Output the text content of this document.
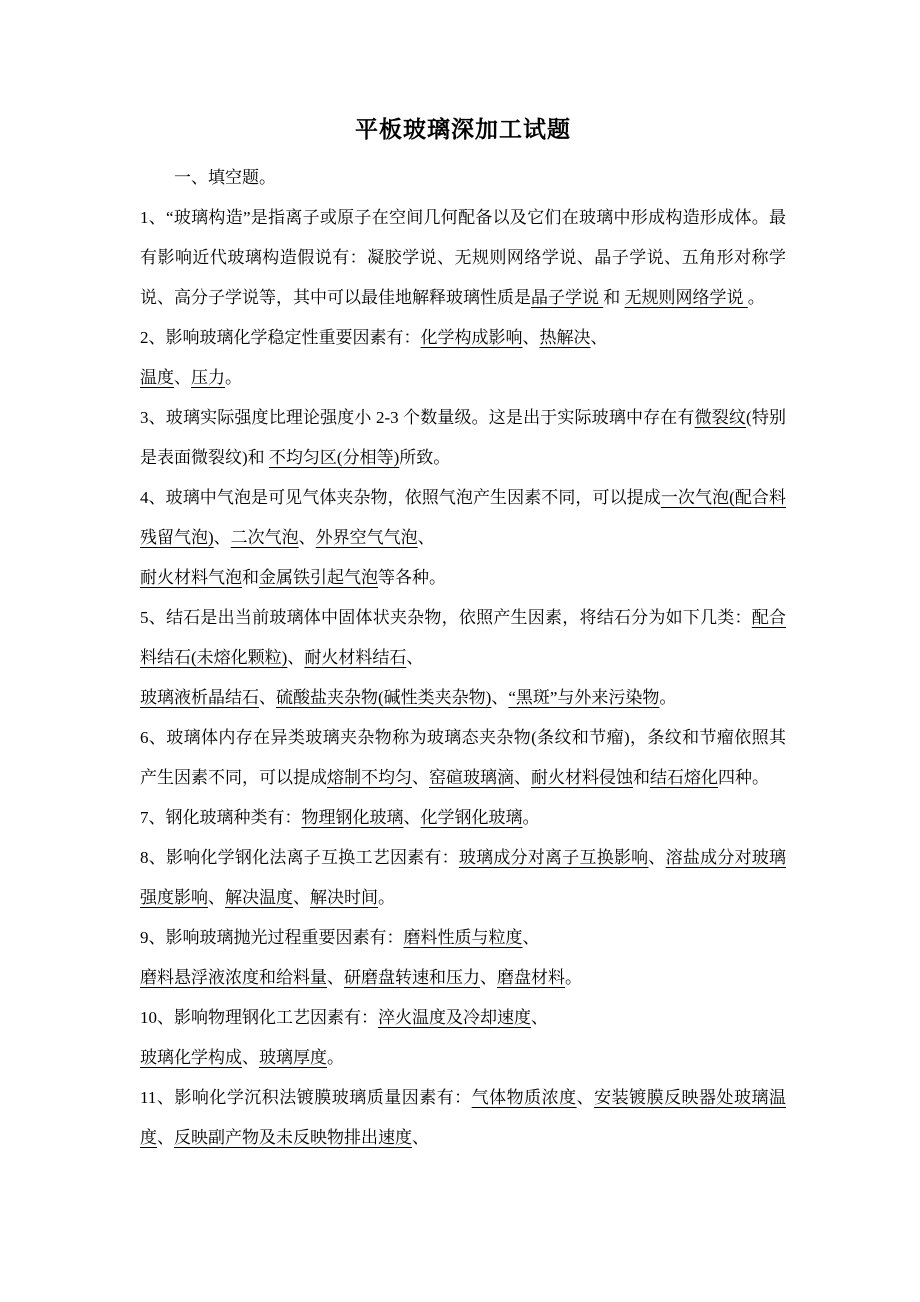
平板玻璃深加工试题

一、填空题。

1、“玻璃构造”是指离子或原子在空间几何配备以及它们在玻璃中形成构造形成体。最有影响近代玻璃构造假说有：凝胶学说、无规则网络学说、晶子学说、五角形对称学说、高分子学说等，其中可以最佳地解释玻璃性质是晶子学说 和 无规则网络学说 。

2、影响玻璃化学稳定性重要因素有：化学构成影响、热解决、
温度、压力。

3、玻璃实际强度比理论强度小 2-3 个数量级。这是出于实际玻璃中存在有微裂纹(特别是表面微裂纹)和 不均匀区(分相等)所致。

4、玻璃中气泡是可见气体夹杂物，依照气泡产生因素不同，可以提成一次气泡(配合料残留气泡)、二次气泡、外界空气气泡、
耐火材料气泡和金属铁引起气泡等各种。

5、结石是出当前玻璃体中固体状夹杂物，依照产生因素，将结石分为如下几类：配合料结石(未熔化颗粒)、耐火材料结石、
玻璃液析晶结石、硫酸盐夹杂物(碱性类夹杂物)、“黑斑”与外来污染物。

6、玻璃体内存在异类玻璃夹杂物称为玻璃态夹杂物(条纹和节瘤)，条纹和节瘤依照其产生因素不同，可以提成熔制不均匀、窑碹玻璃滴、耐火材料侵蚀和结石熔化四种。

7、钢化玻璃种类有：物理钢化玻璃、化学钢化玻璃。

8、影响化学钢化法离子互换工艺因素有：玻璃成分对离子互换影响、溶盐成分对玻璃强度影响、解决温度、解决时间。

9、影响玻璃抛光过程重要因素有：磨料性质与粒度、
磨料悬浮液浓度和给料量、研磨盘转速和压力、磨盘材料。

10、影响物理钢化工艺因素有：淬火温度及冷却速度、
玻璃化学构成、玻璃厚度。

11、影响化学沉积法镀膜玻璃质量因素有：气体物质浓度、安装镀膜反映器处玻璃温度、反映副产物及未反映物排出速度、
